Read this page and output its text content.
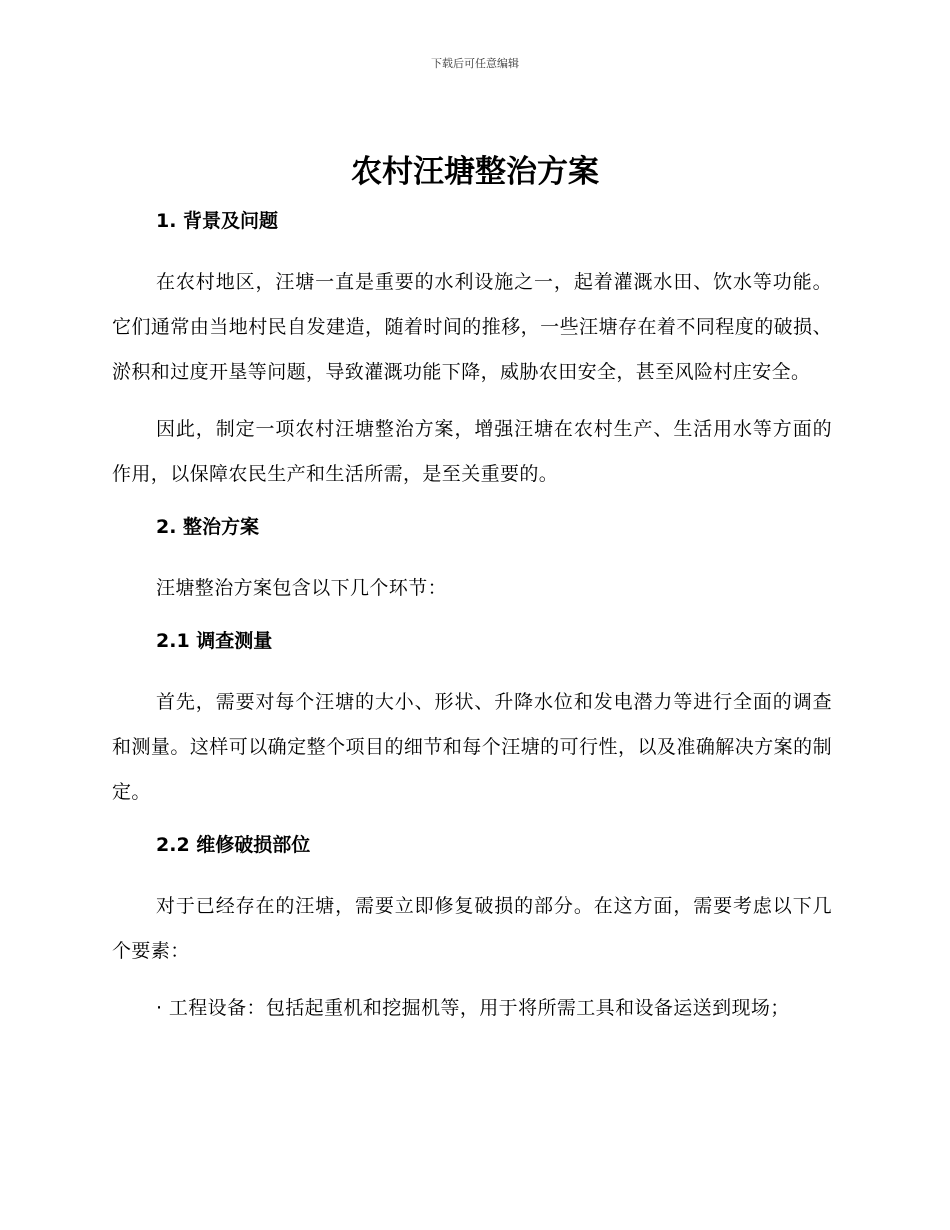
下载后可任意编辑
农村汪塘整治方案
1. 背景及问题

在农村地区，汪塘一直是重要的水利设施之一，起着灌溉水田、饮水等功能。它们通常由当地村民自发建造，随着时间的推移，一些汪塘存在着不同程度的破损、淤积和过度开垦等问题，导致灌溉功能下降，威胁农田安全，甚至风险村庄安全。

因此，制定一项农村汪塘整治方案，增强汪塘在农村生产、生活用水等方面的作用，以保障农民生产和生活所需，是至关重要的。

2. 整治方案

汪塘整治方案包含以下几个环节：

2.1 调查测量

首先，需要对每个汪塘的大小、形状、升降水位和发电潜力等进行全面的调查和测量。这样可以确定整个项目的细节和每个汪塘的可行性，以及准确解决方案的制定。

2.2 维修破损部位

对于已经存在的汪塘，需要立即修复破损的部分。在这方面，需要考虑以下几个要素：

· 工程设备：包括起重机和挖掘机等，用于将所需工具和设备运送到现场；
